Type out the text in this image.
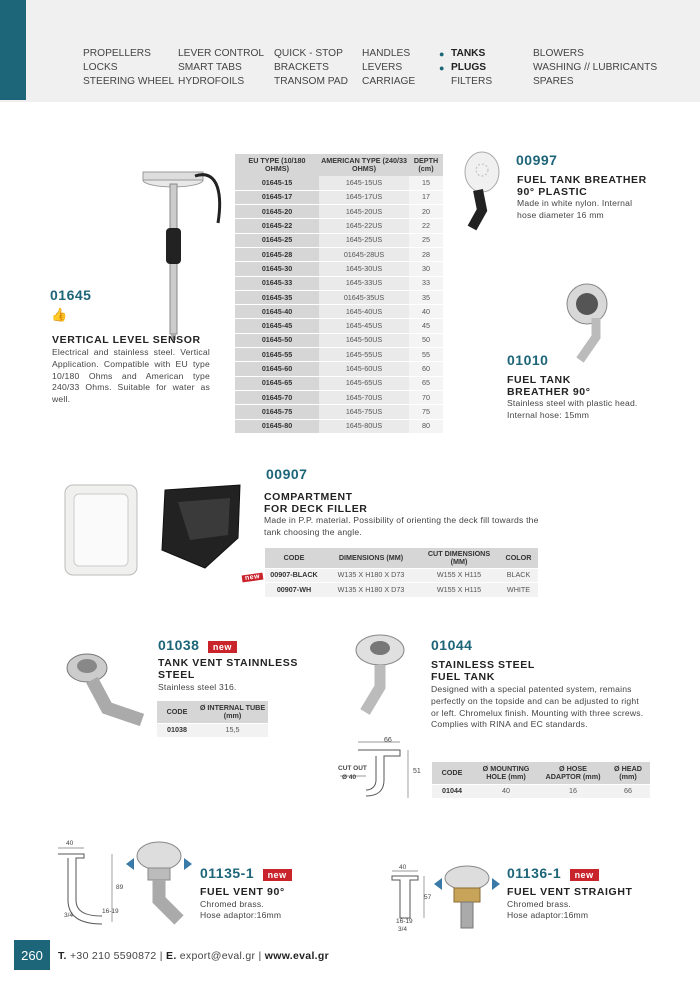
PROPELLERS
LOCKS
STEERING WHEEL
LEVER CONTROL
SMART TABS
HYDROFOILS
QUICK - STOP
BRACKETS
TRANSOM PAD
HANDLES
LEVERS
CARRIAGE
● TANKS
● PLUGS
FILTERS
BLOWERS
WASHING // LUBRICANTS
SPARES
01645
👍
VERTICAL LEVEL SENSOR
Electrical and stainless steel. Vertical Application. Compatible with EU type 10/180 Ohms and American type 240/33 Ohms. Suitable for water as well.
EU TYPE (10/180 OHMS)	AMERICAN TYPE (240/33 OHMS)	DEPTH (cm)
01645-15	1645-15US	15
01645-17	1645-17US	17
01645-20	1645-20US	20
01645-22	1645-22US	22
01645-25	1645-25US	25
01645-28	01645-28US	28
01645-30	1645-30US	30
01645-33	1645-33US	33
01645-35	01645-35US	35
01645-40	1645-40US	40
01645-45	1645-45US	45
01645-50	1645-50US	50
01645-55	1645-55US	55
01645-60	1645-60US	60
01645-65	1645-65US	65
01645-70	1645-70US	70
01645-75	1645-75US	75
01645-80	1645-80US	80
00997
FUEL TANK BREATHER
90° PLASTIC
Made in white nylon. Internal hose diameter 16 mm
01010
FUEL TANK
BREATHER 90°
Stainless steel with plastic head. Internal hose: 15mm
00907
COMPARTMENT
FOR DECK FILLER
Made in P.P. material. Possibility of orienting the deck fill towards the tank choosing the angle.
new
CODE	DIMENSIONS (MM)	CUT DIMENSIONS (MM)	COLOR
00907-BLACK	W135 X H180 X D73	W155 X H115	BLACK
00907-WH	W135 X H180 X D73	W155 X H115	WHITE
01038 new
TANK VENT STAINNLESS
STEEL
Stainless steel 316.
CODE	Ø INTERNAL TUBE (mm)
01038	15,5
01044
STAINLESS STEEL
FUEL TANK
Designed with a special patented system, remains perfectly on the topside and can be adjusted to right or left. Chromelux finish. Mounting with three screws. Complies with RINA and EC standards.
66
51
CUT OUT
Ø 40
CODE	Ø MOUNTING HOLE (mm)	Ø HOSE ADAPTOR (mm)	Ø HEAD (mm)
01044	40	16	66
40
89
16-19
3/4
01135-1 new
FUEL VENT 90°
Chromed brass.
Hose adaptor:16mm
40
57
16-19
3/4
01136-1 new
FUEL VENT STRAIGHT
Chromed brass.
Hose adaptor:16mm
260	T. +30 210 5590872 | E. export@eval.gr | www.eval.gr
